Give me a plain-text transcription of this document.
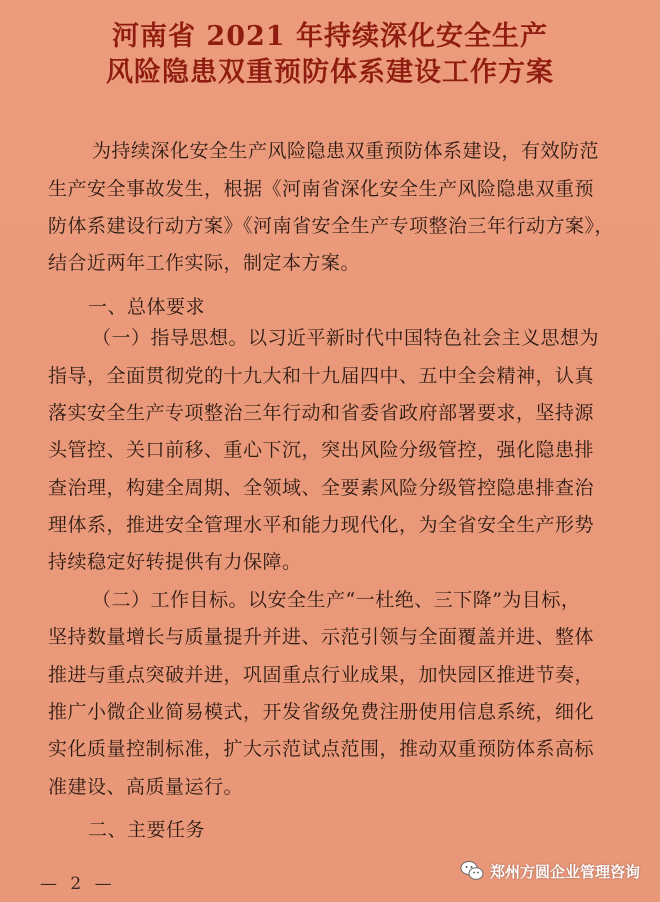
河南省 2021 年持续深化安全生产
风险隐患双重预防体系建设工作方案
为持续深化安全生产风险隐患双重预防体系建设，有效防范
生产安全事故发生，根据《河南省深化安全生产风险隐患双重预
防体系建设行动方案》《河南省安全生产专项整治三年行动方案》，
结合近两年工作实际，制定本方案。
一、总体要求
（一）指导思想。以习近平新时代中国特色社会主义思想为
指导，全面贯彻党的十九大和十九届四中、五中全会精神，认真
落实安全生产专项整治三年行动和省委省政府部署要求，坚持源
头管控、关口前移、重心下沉，突出风险分级管控，强化隐患排
查治理，构建全周期、全领域、全要素风险分级管控隐患排查治
理体系，推进安全管理水平和能力现代化，为全省安全生产形势
持续稳定好转提供有力保障。
（二）工作目标。以安全生产“一杜绝、三下降”为目标，
坚持数量增长与质量提升并进、示范引领与全面覆盖并进、整体
推进与重点突破并进，巩固重点行业成果，加快园区推进节奏，
推广小微企业简易模式，开发省级免费注册使用信息系统，细化
实化质量控制标准，扩大示范试点范围，推动双重预防体系高标
准建设、高质量运行。
二、主要任务
— 2 —
郑州方圆企业管理咨询
